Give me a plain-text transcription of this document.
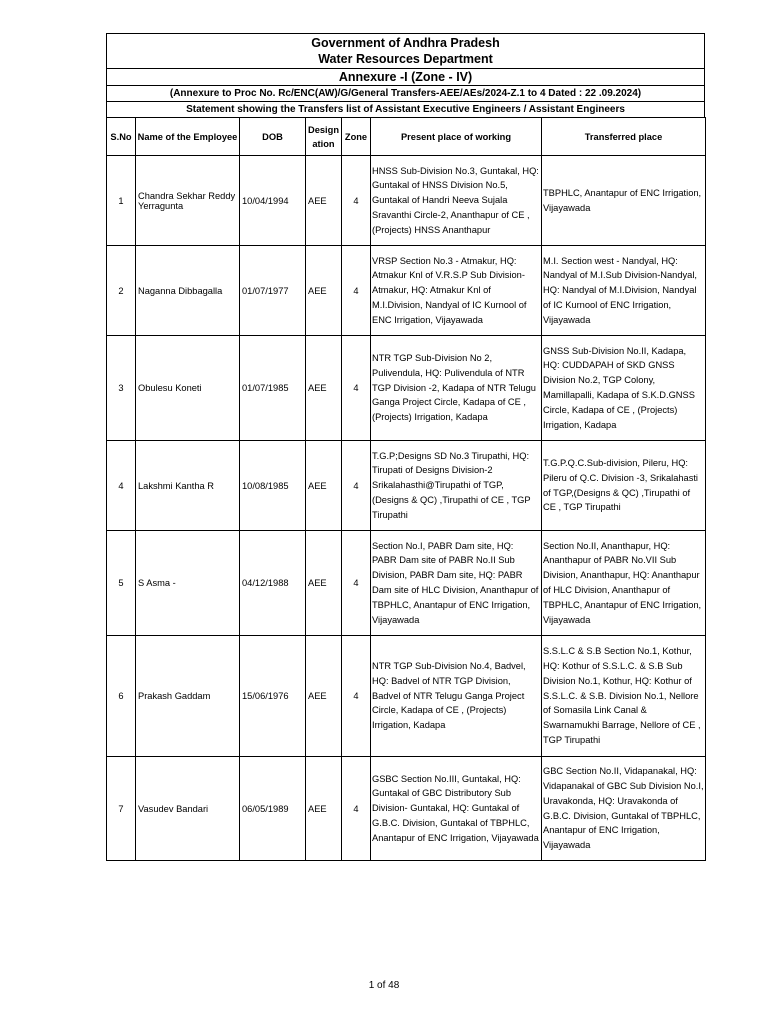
Government of Andhra Pradesh
Water Resources Department
Annexure -I (Zone - IV)
(Annexure to Proc No. Rc/ENC(AW)/G/General Transfers-AEE/AEs/2024-Z.1 to 4 Dated : 22 .09.2024)
Statement showing the Transfers list of Assistant Executive Engineers / Assistant Engineers
S.No	Name of the Employee	DOB	Design ation	Zone	Present place of working	Transferred place
1	Chandra Sekhar Reddy Yerragunta	10/04/1994	AEE	4	HNSS Sub-Division No.3, Guntakal, HQ: Guntakal of HNSS Division No.5, Guntakal of Handri Neeva Sujala Sravanthi Circle-2, Ananthapur of CE , (Projects) HNSS Ananthapur	TBPHLC, Anantapur of ENC Irrigation, Vijayawada
2	Naganna Dibbagalla	01/07/1977	AEE	4	VRSP Section No.3 - Atmakur, HQ: Atmakur Knl of V.R.S.P Sub Division-Atmakur, HQ: Atmakur Knl of M.I.Division, Nandyal of IC Kurnool of ENC Irrigation, Vijayawada	M.I. Section west - Nandyal, HQ: Nandyal of M.I.Sub Division-Nandyal, HQ: Nandyal of M.I.Division, Nandyal of IC Kurnool of ENC Irrigation, Vijayawada
3	Obulesu Koneti	01/07/1985	AEE	4	NTR TGP Sub-Division No 2, Pulivendula, HQ: Pulivendula of NTR TGP Division -2, Kadapa of NTR Telugu Ganga Project Circle, Kadapa of CE , (Projects) Irrigation, Kadapa	GNSS Sub-Division No.II, Kadapa, HQ: CUDDAPAH of SKD GNSS Division No.2, TGP Colony, Mamillapalli, Kadapa of S.K.D.GNSS Circle, Kadapa of CE , (Projects) Irrigation, Kadapa
4	Lakshmi Kantha R	10/08/1985	AEE	4	T.G.P;Designs SD No.3 Tirupathi, HQ: Tirupati of Designs Division-2 Srikalahasthi@Tirupathi of TGP,(Designs & QC) ,Tirupathi of CE , TGP Tirupathi	T.G.P.Q.C.Sub-division, Pileru, HQ: Pileru of Q.C. Division -3, Srikalahasti of TGP,(Designs & QC) ,Tirupathi of CE , TGP Tirupathi
5	S Asma -	04/12/1988	AEE	4	Section No.I, PABR Dam site, HQ: PABR Dam site of PABR No.II Sub Division, PABR Dam site, HQ: PABR Dam site of HLC Division, Ananthapur of TBPHLC, Anantapur of ENC Irrigation, Vijayawada	Section No.II, Ananthapur, HQ: Ananthapur of PABR No.VII Sub Division, Ananthapur, HQ: Ananthapur of HLC Division, Ananthapur of TBPHLC, Anantapur of ENC Irrigation, Vijayawada
6	Prakash Gaddam	15/06/1976	AEE	4	NTR TGP Sub-Division No.4, Badvel, HQ: Badvel of NTR TGP Division, Badvel of NTR Telugu Ganga Project Circle, Kadapa of CE , (Projects) Irrigation, Kadapa	S.S.L.C & S.B Section No.1, Kothur, HQ: Kothur of S.S.L.C. & S.B Sub Division No.1, Kothur, HQ: Kothur of S.S.L.C. & S.B. Division No.1, Nellore of Somasila Link Canal & Swarnamukhi Barrage, Nellore of CE , TGP Tirupathi
7	Vasudev Bandari	06/05/1989	AEE	4	GSBC Section No.III, Guntakal, HQ: Guntakal of GBC Distributory Sub Division- Guntakal, HQ: Guntakal of G.B.C. Division, Guntakal of TBPHLC, Anantapur of ENC Irrigation, Vijayawada	GBC Section No.II, Vidapanakal, HQ: Vidapanakal of GBC Sub Division No.I, Uravakonda, HQ: Uravakonda of G.B.C. Division, Guntakal of TBPHLC, Anantapur of ENC Irrigation, Vijayawada
1 of 48
